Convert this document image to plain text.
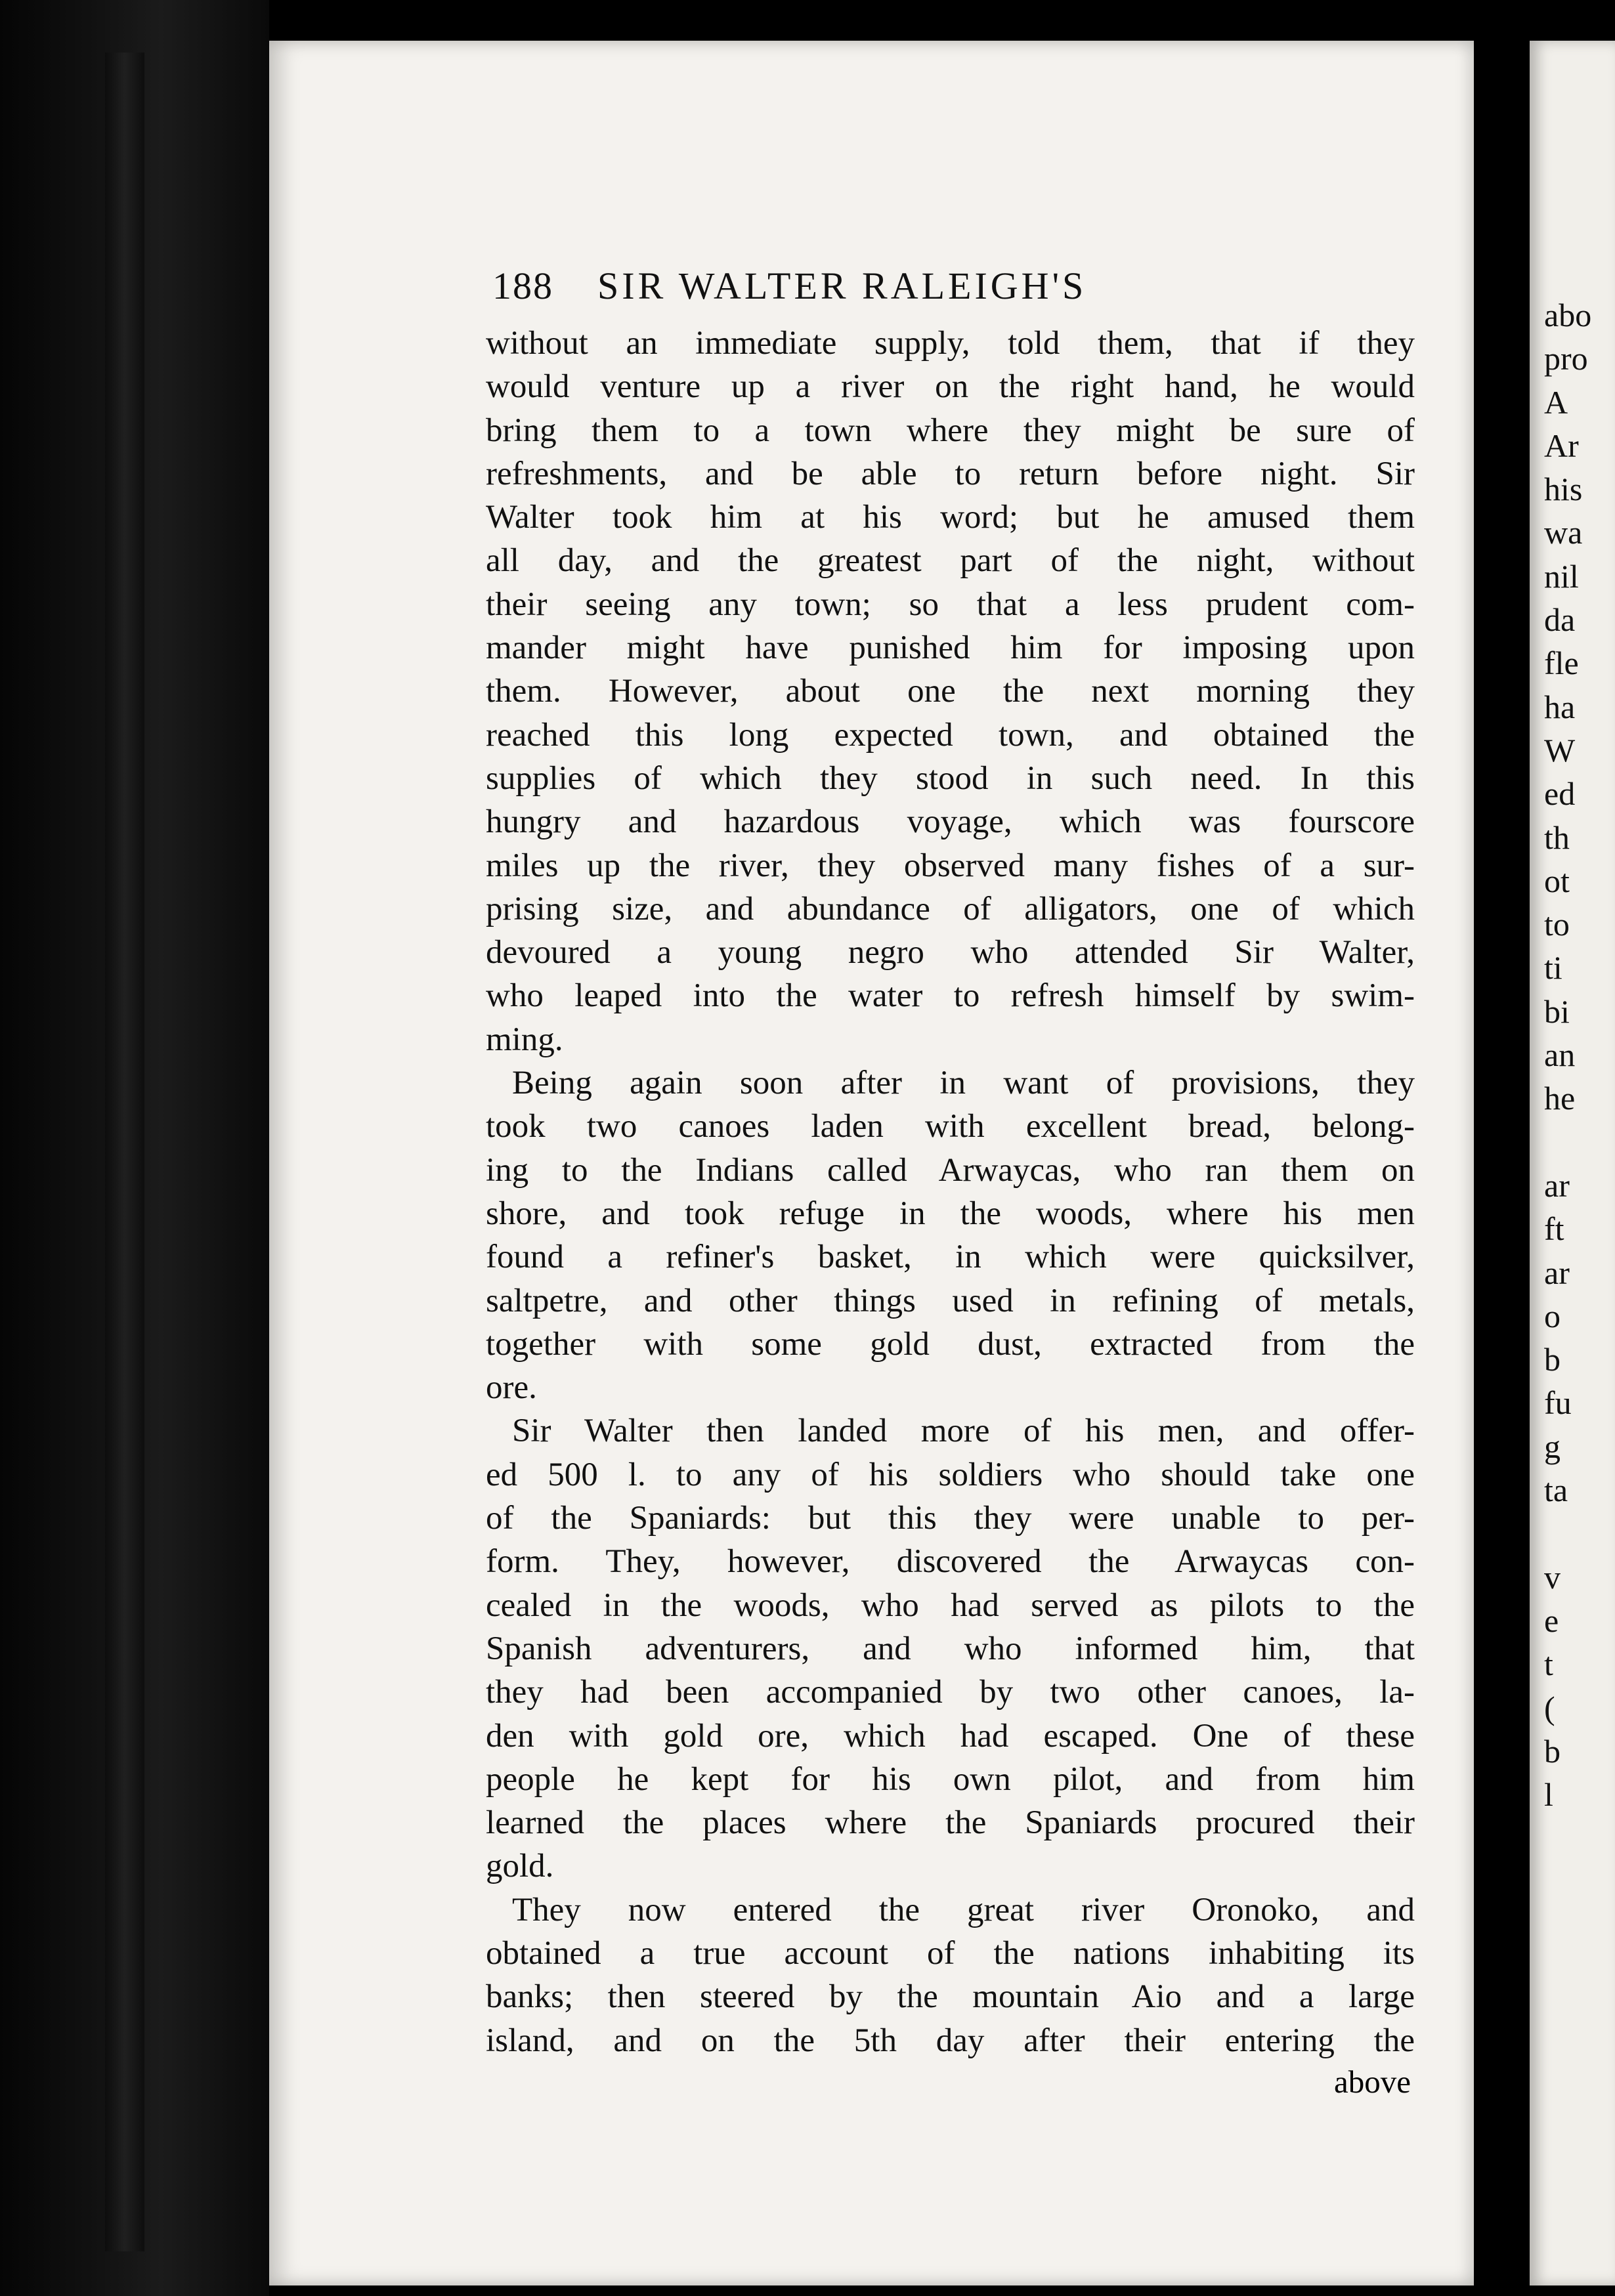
188 SIR WALTER RALEIGH'S
without an immediate supply, told them, that if they
would venture up a river on the right hand, he would
bring them to a town where they might be sure of
refreshments, and be able to return before night. Sir
Walter took him at his word; but he amused them
all day, and the greatest part of the night, without
their seeing any town; so that a less prudent com-
mander might have punished him for imposing upon
them. However, about one the next morning they
reached this long expected town, and obtained the
supplies of which they stood in such need. In this
hungry and hazardous voyage, which was fourscore
miles up the river, they observed many fishes of a sur-
prising size, and abundance of alligators, one of which
devoured a young negro who attended Sir Walter,
who leaped into the water to refresh himself by swim-
ming.
Being again soon after in want of provisions, they
took two canoes laden with excellent bread, belong-
ing to the Indians called Arwaycas, who ran them on
shore, and took refuge in the woods, where his men
found a refiner's basket, in which were quicksilver,
saltpetre, and other things used in refining of metals,
together with some gold dust, extracted from the
ore.
Sir Walter then landed more of his men, and offer-
ed 500 l. to any of his soldiers who should take one
of the Spaniards: but this they were unable to per-
form. They, however, discovered the Arwaycas con-
cealed in the woods, who had served as pilots to the
Spanish adventurers, and who informed him, that
they had been accompanied by two other canoes, la-
den with gold ore, which had escaped. One of these
people he kept for his own pilot, and from him
learned the places where the Spaniards procured their
gold.
They now entered the great river Oronoko, and
obtained a true account of the nations inhabiting its
banks; then steered by the mountain Aio and a large
island, and on the 5th day after their entering the
above
abo
pro
A
Ar
his
wa
nil
da
fle
ha
W
ed
th
ot
to
ti
bi
an
he
ar
ft
ar
o
b
fu
g
ta
v
e
t
(
b
l
